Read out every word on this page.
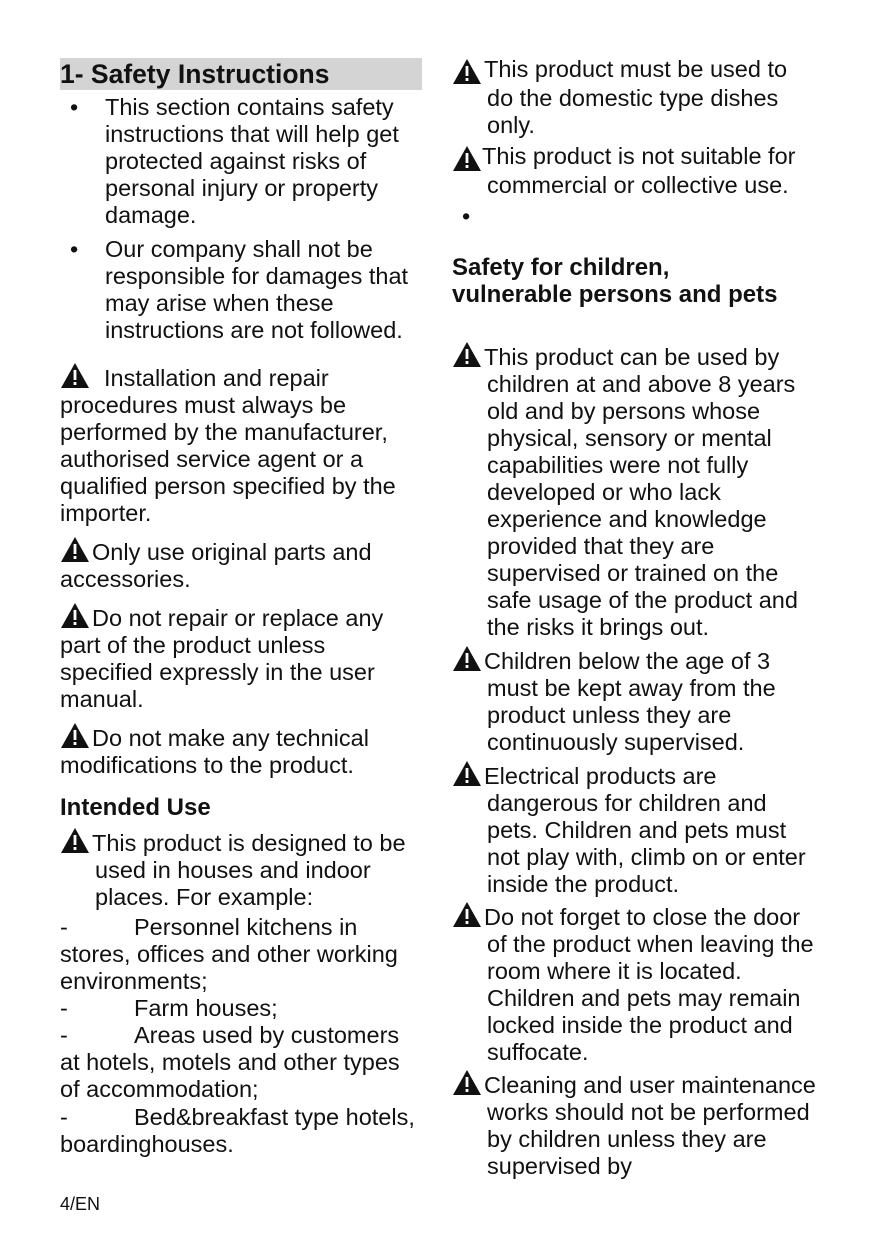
1- Safety Instructions
•	This section contains safety instructions that will help get protected against risks of personal injury or property damage.
•	Our company shall not be responsible for damages that may arise when these instructions are not followed.
Installation and repair procedures must always be performed by the manufacturer, authorised service agent or a qualified person specified by the importer.
Only use original parts and accessories.
Do not repair or replace any part of the product unless specified expressly in the user manual.
Do not make any technical modifications to the product.
Intended Use
This product is designed to be used in houses and indoor places. For example:
-	Personnel kitchens in stores, offices and other working environments;
-	Farm houses;
-	Areas used by customers at hotels, motels and other types of accommodation;
-	Bed&breakfast type hotels, boardinghouses.
This product must be used to do the domestic type dishes only.
This product is not suitable for commercial or collective use.
•
Safety for children, vulnerable persons and pets
This product can be used by children at and above 8 years old and by persons whose physical, sensory or mental capabilities were not fully developed or who lack experience and knowledge provided that they are supervised or trained on the safe usage of the product and the risks it brings out.
Children below the age of 3 must be kept away from the product unless they are continuously supervised.
Electrical products are dangerous for children and pets. Children and pets must not play with, climb on or enter inside the product.
Do not forget to close the door of the product when leaving the room where it is located. Children and pets may remain locked inside the product and suffocate.
Cleaning and user maintenance works should not be performed by children unless they are supervised by
4/EN
